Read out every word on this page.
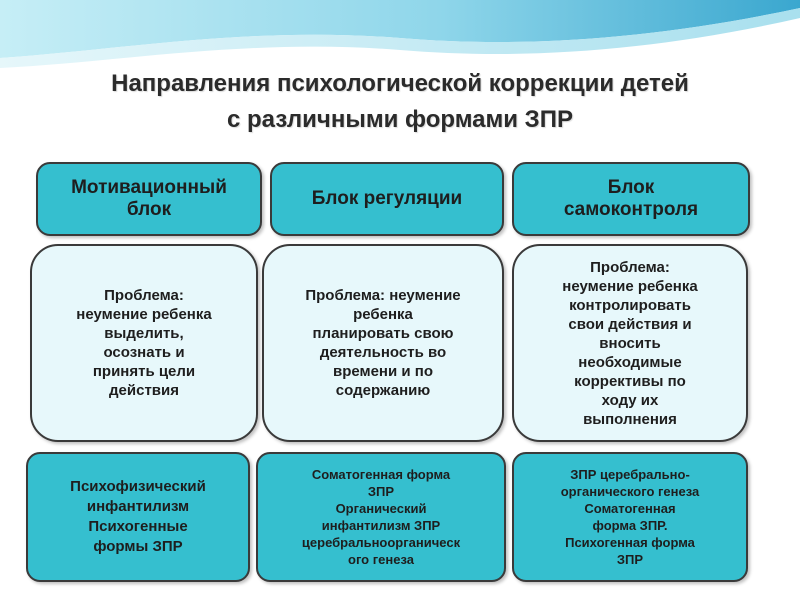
Направления психологической коррекции детей
с различными формами ЗПР
Мотивационный
блок
Проблема:
неумение ребенка
выделить,
осознать и
принять цели
действия
Психофизический
инфантилизм
Психогенные
формы ЗПР
Блок регуляции
Проблема: неумение
ребенка
планировать свою
деятельность во
времени и по
содержанию
Соматогенная форма
ЗПР
Органический
инфантилизм ЗПР
церебральноорганическ
ого генеза
Блок
самоконтроля
Проблема:
неумение ребенка
контролировать
свои действия и
вносить
необходимые
коррективы по
ходу их
выполнения
ЗПР церебрально-
органического генеза
Соматогенная
форма ЗПР.
Психогенная форма
ЗПР
